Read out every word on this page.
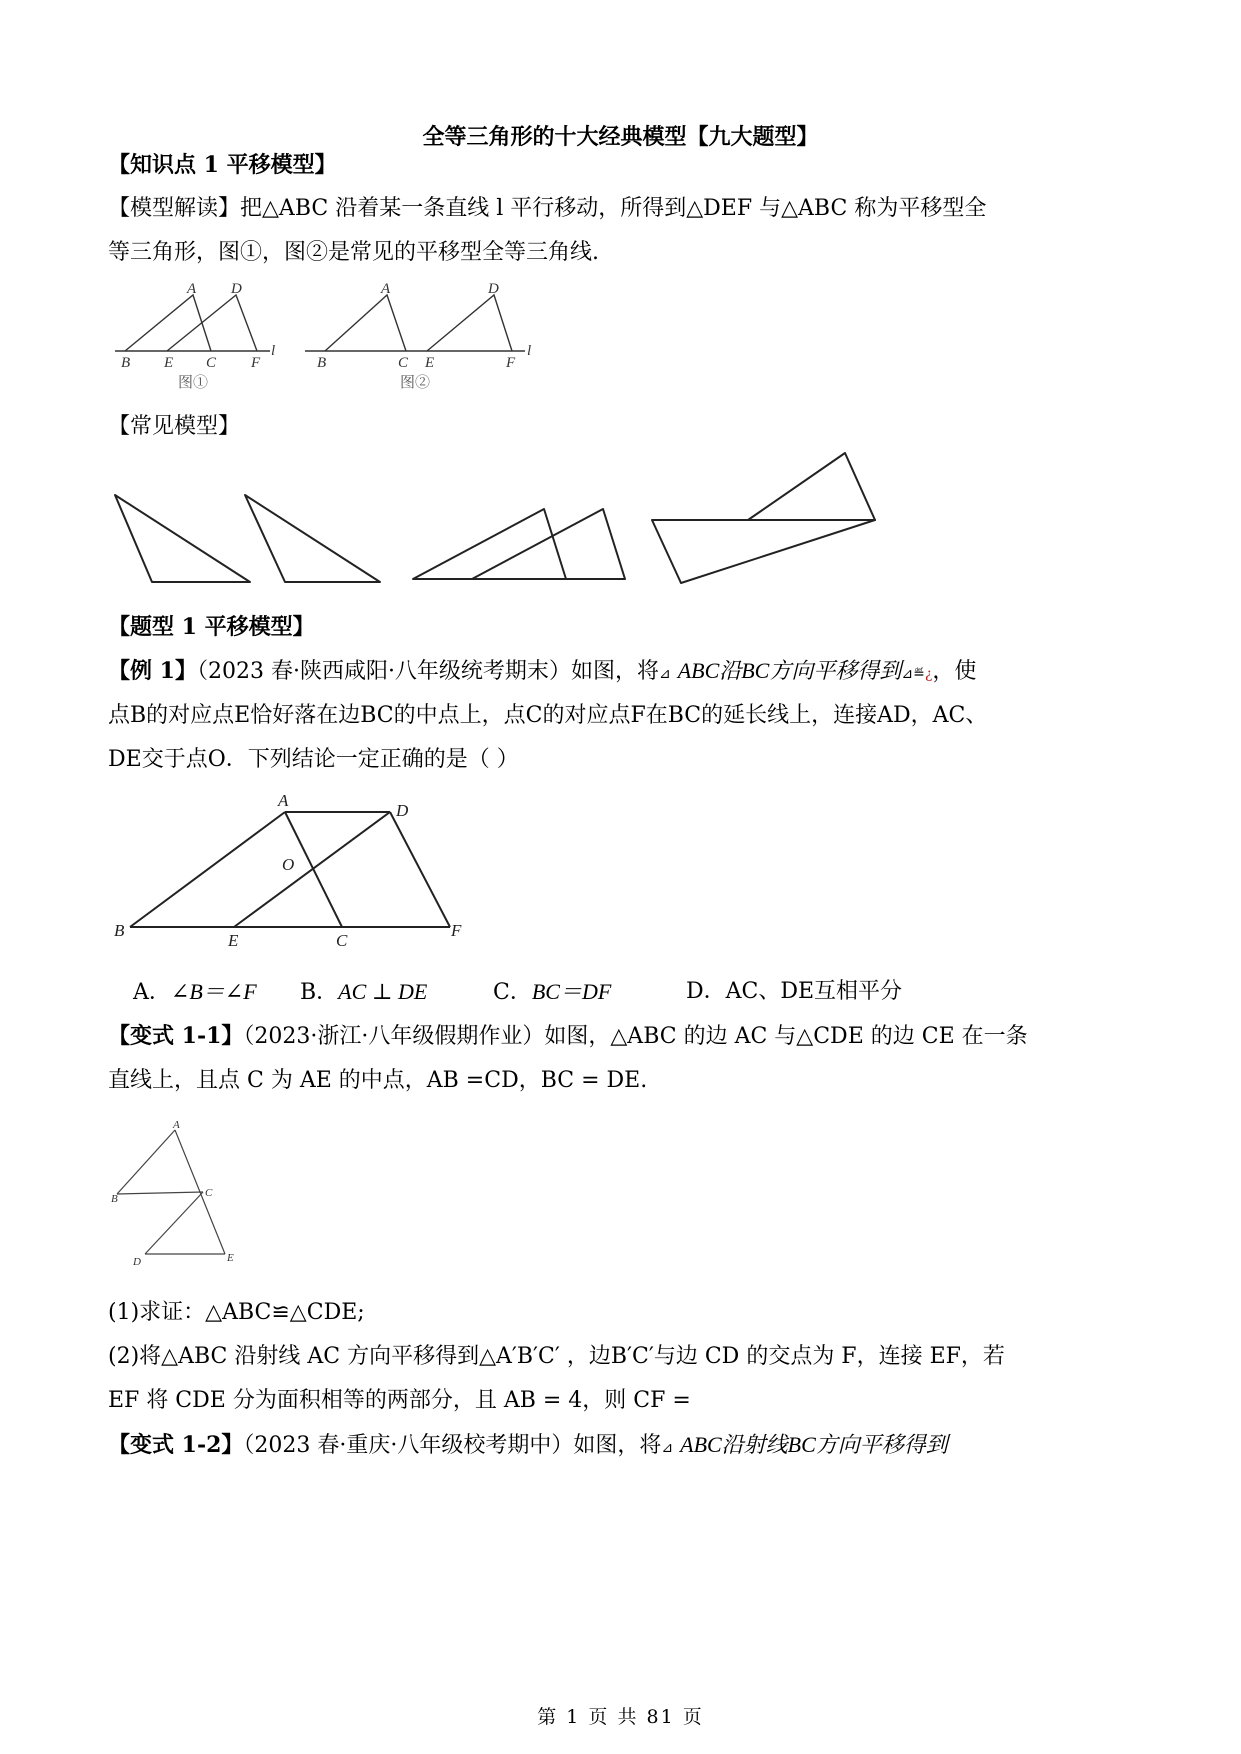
全等三角形的十大经典模型【九大题型】
【知识点 1 平移模型】
【模型解读】把△ABC 沿着某一条直线 l 平行移动，所得到△DEF 与△ABC 称为平移型全
等三角形，图①，图②是常见的平移型全等三角线.
A D
B E C F
l
图①
A	D
B	C E	F
l
图②
【常见模型】
【题型 1 平移模型】
【例 1】（2023 春·陕西咸阳·八年级统考期末）如图，将⊿ ABC沿BC方向平移得到⊿≝¿，使
点B的对应点E恰好落在边BC的中点上，点C的对应点F在BC的延长线上，连接AD，AC、
DE交于点O．下列结论一定正确的是（ ）
A
D
O
B
E	C
F
A．∠B＝∠F B．AC ⊥ DE	C．BC＝DF	D．AC、DE互相平分
【变式 1-1】（2023·浙江·八年级假期作业）如图，△ABC 的边 AC 与△CDE 的边 CE 在一条
直线上，且点 C 为 AE 的中点，AB =CD，BC = DE.
A
B	C
D	E
(1)求证：△ABC≌△CDE;
(2)将△ABC 沿射线 AC 方向平移得到△A′B′C′ ，边B′C′与边 CD 的交点为 F，连接 EF，若
EF 将 CDE 分为面积相等的两部分，且 AB = 4，则 CF =
【变式 1-2】（2023 春·重庆·八年级校考期中）如图，将⊿ ABC沿射线BC方向平移得到
第 1 页 共 81 页
